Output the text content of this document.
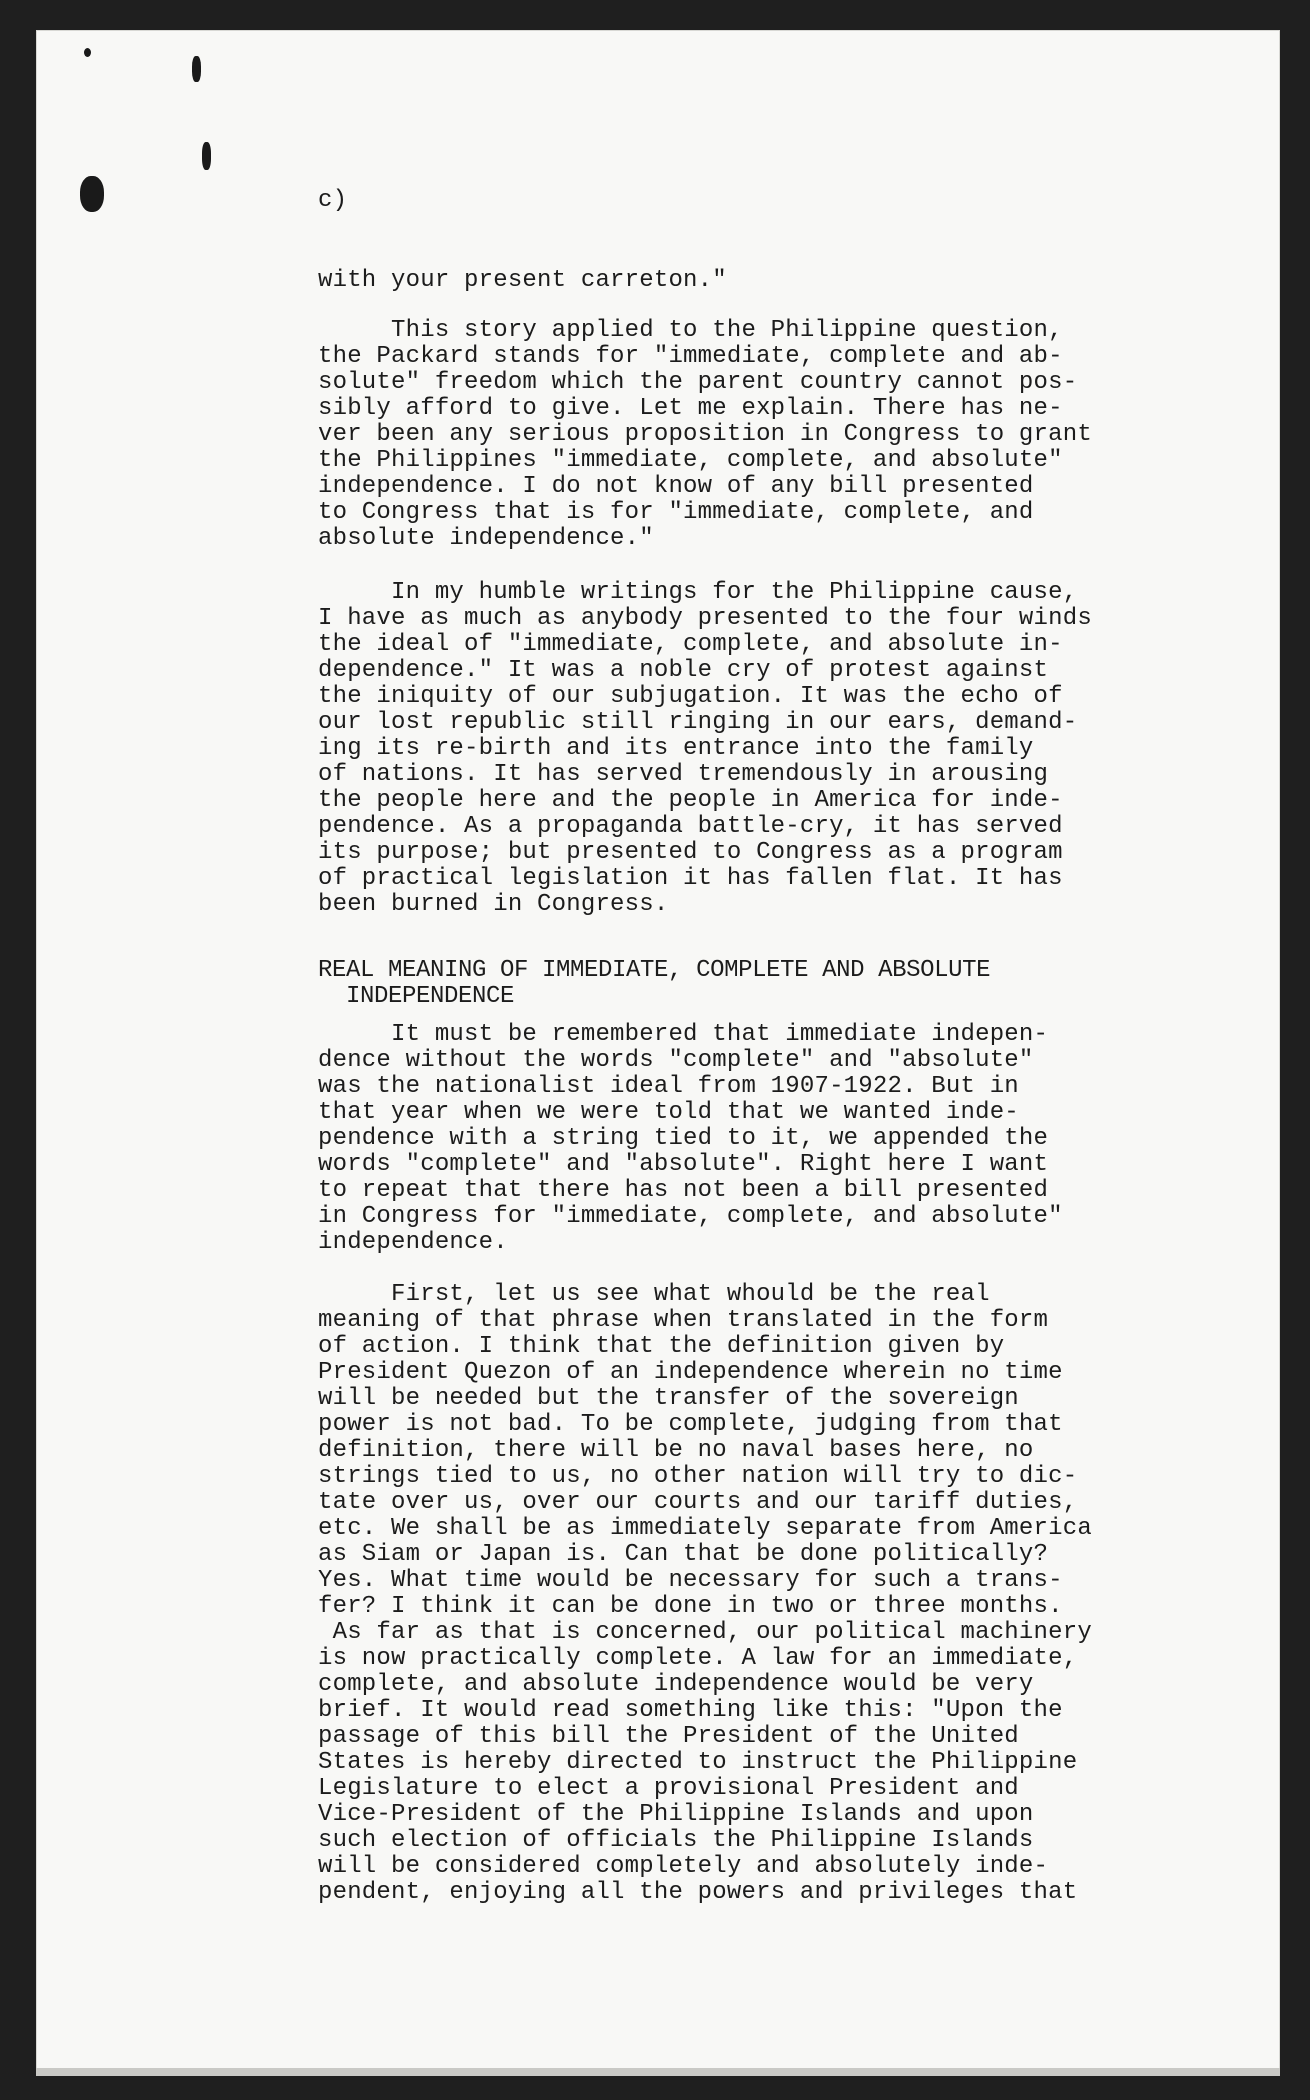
c)
with your present carreton."
This story applied to the Philippine question,
the Packard stands for "immediate, complete and ab-
solute" freedom which the parent country cannot pos-
sibly afford to give. Let me explain. There has ne-
ver been any serious proposition in Congress to grant
the Philippines "immediate, complete, and absolute"
independence. I do not know of any bill presented
to Congress that is for "immediate, complete, and
absolute independence."
In my humble writings for the Philippine cause,
I have as much as anybody presented to the four winds
the ideal of "immediate, complete, and absolute in-
dependence." It was a noble cry of protest against
the iniquity of our subjugation. It was the echo of
our lost republic still ringing in our ears, demand-
ing its re-birth and its entrance into the family
of nations. It has served tremendously in arousing
the people here and the people in America for inde-
pendence. As a propaganda battle-cry, it has served
its purpose; but presented to Congress as a program
of practical legislation it has fallen flat. It has
been burned in Congress.
REAL MEANING OF IMMEDIATE, COMPLETE AND ABSOLUTE
INDEPENDENCE
It must be remembered that immediate indepen-
dence without the words "complete" and "absolute"
was the nationalist ideal from 1907-1922. But in
that year when we were told that we wanted inde-
pendence with a string tied to it, we appended the
words "complete" and "absolute". Right here I want
to repeat that there has not been a bill presented
in Congress for "immediate, complete, and absolute"
independence.
First, let us see what whould be the real
meaning of that phrase when translated in the form
of action. I think that the definition given by
President Quezon of an independence wherein no time
will be needed but the transfer of the sovereign
power is not bad. To be complete, judging from that
definition, there will be no naval bases here, no
strings tied to us, no other nation will try to dic-
tate over us, over our courts and our tariff duties,
etc. We shall be as immediately separate from America
as Siam or Japan is. Can that be done politically?
Yes. What time would be necessary for such a trans-
fer? I think it can be done in two or three months.
As far as that is concerned, our political machinery
is now practically complete. A law for an immediate,
complete, and absolute independence would be very
brief. It would read something like this: "Upon the
passage of this bill the President of the United
States is hereby directed to instruct the Philippine
Legislature to elect a provisional President and
Vice-President of the Philippine Islands and upon
such election of officials the Philippine Islands
will be considered completely and absolutely inde-
pendent, enjoying all the powers and privileges that
